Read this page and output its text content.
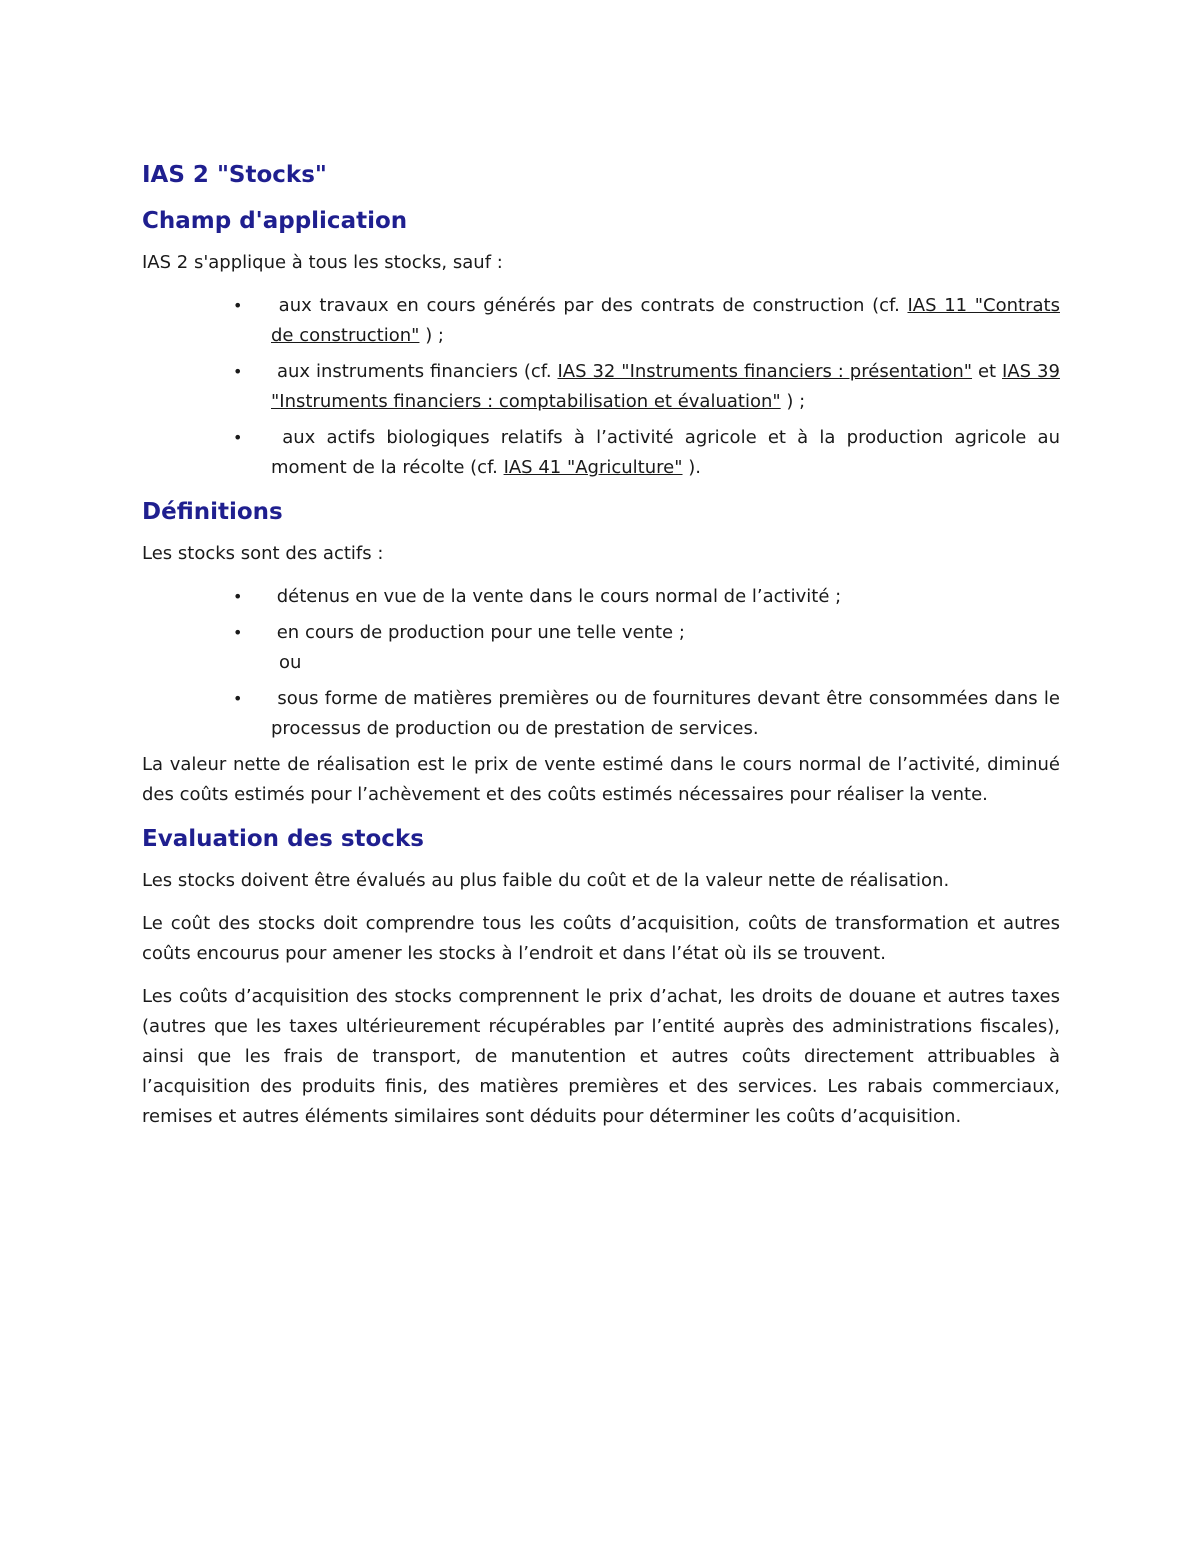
IAS 2 "Stocks"
Champ d'application

IAS 2 s'applique à tous les stocks, sauf :

• aux travaux en cours générés par des contrats de construction (cf. IAS 11 "Contrats de construction" ) ;
• aux instruments financiers (cf. IAS 32 "Instruments financiers : présentation" et IAS 39 "Instruments financiers : comptabilisation et évaluation" ) ;
• aux actifs biologiques relatifs à l’activité agricole et à la production agricole au moment de la récolte (cf. IAS 41 "Agriculture" ).
Définitions

Les stocks sont des actifs :

• détenus en vue de la vente dans le cours normal de l’activité ;
• en cours de production pour une telle vente ;
ou
• sous forme de matières premières ou de fournitures devant être consommées dans le processus de production ou de prestation de services.

La valeur nette de réalisation est le prix de vente estimé dans le cours normal de l’activité, diminué des coûts estimés pour l’achèvement et des coûts estimés nécessaires pour réaliser la vente.

Evaluation des stocks

Les stocks doivent être évalués au plus faible du coût et de la valeur nette de réalisation.

Le coût des stocks doit comprendre tous les coûts d’acquisition, coûts de transformation et autres coûts encourus pour amener les stocks à l’endroit et dans l’état où ils se trouvent.

Les coûts d’acquisition des stocks comprennent le prix d’achat, les droits de douane et autres taxes (autres que les taxes ultérieurement récupérables par l’entité auprès des administrations fiscales), ainsi que les frais de transport, de manutention et autres coûts directement attribuables à l’acquisition des produits finis, des matières premières et des services. Les rabais commerciaux, remises et autres éléments similaires sont déduits pour déterminer les coûts d’acquisition.
